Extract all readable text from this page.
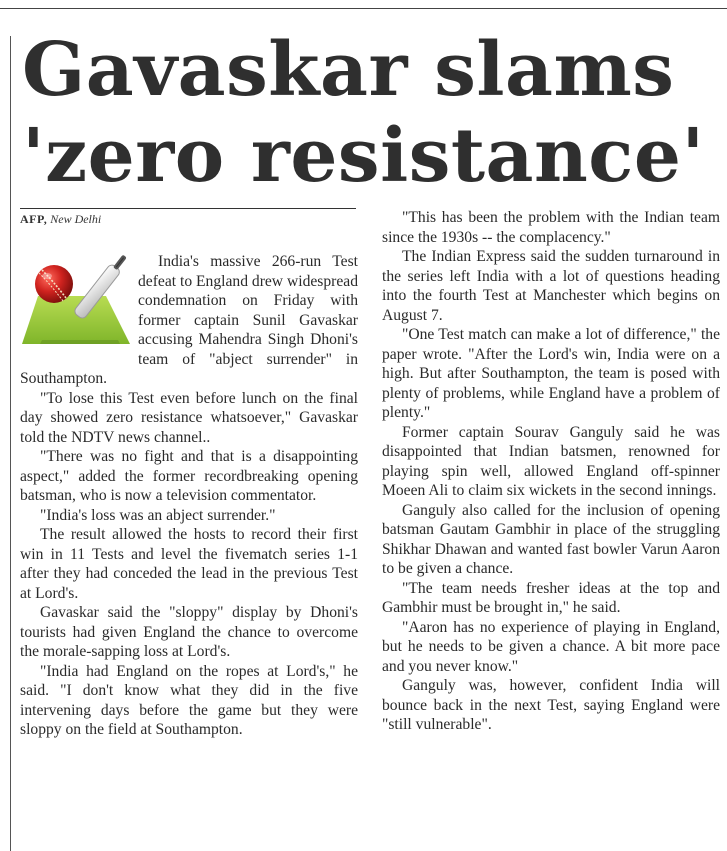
Gavaskar slams
'zero resistance'
AFP, New Delhi

India's massive 266-run Test defeat to England drew widespread condemnation on Friday with former captain Sunil Gavaskar accusing Mahendra Singh Dhoni's team of "abject surrender" in Southampton.

"To lose this Test even before lunch on the final day showed zero resistance whatsoever," Gavaskar told the NDTV news channel..

"There was no fight and that is a disappointing aspect," added the former recordbreaking opening batsman, who is now a television commentator.

"India's loss was an abject surrender."

The result allowed the hosts to record their first win in 11 Tests and level the fivematch series 1-1 after they had conceded the lead in the previous Test at Lord's.

Gavaskar said the "sloppy" display by Dhoni's tourists had given England the chance to overcome the morale-sapping loss at Lord's.

"India had England on the ropes at Lord's," he said. "I don't know what they did in the five intervening days before the game but they were sloppy on the field at Southampton.

"This has been the problem with the Indian team since the 1930s -- the complacency."

The Indian Express said the sudden turnaround in the series left India with a lot of questions heading into the fourth Test at Manchester which begins on August 7.

"One Test match can make a lot of difference," the paper wrote. "After the Lord's win, India were on a high. But after Southampton, the team is posed with plenty of problems, while England have a problem of plenty."

Former captain Sourav Ganguly said he was disappointed that Indian batsmen, renowned for playing spin well, allowed England off-spinner Moeen Ali to claim six wickets in the second innings.

Ganguly also called for the inclusion of opening batsman Gautam Gambhir in place of the struggling Shikhar Dhawan and wanted fast bowler Varun Aaron to be given a chance.

"The team needs fresher ideas at the top and Gambhir must be brought in," he said.

"Aaron has no experience of playing in England, but he needs to be given a chance. A bit more pace and you never know."

Ganguly was, however, confident India will bounce back in the next Test, saying England were "still vulnerable".
